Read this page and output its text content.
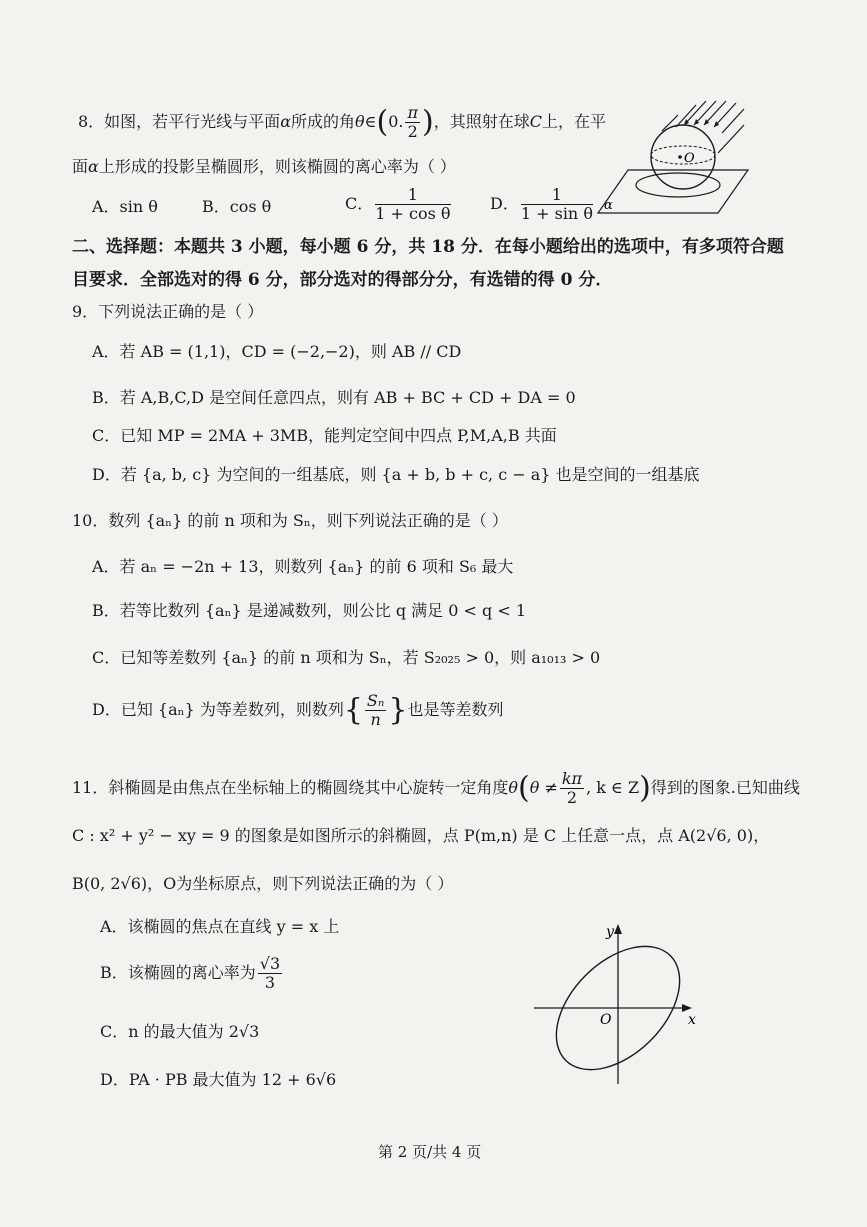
8．如图，若平行光线与平面α所成的角θ∈(0. $\frac{\pi}{2}$ )，其照射在球C上，在平
面α上形成的投影呈椭圆形，则该椭圆的离心率为（ ）
A．sin θ	B．cos θ	C． $\frac{1}{\text{1 + cos θ}}$ D． $\frac{1}{\text{1 + sin θ}}$
O
α
二、选择题：本题共 3 小题，每小题 6 分，共 18 分．在每小题给出的选项中，有多项符合题
目要求．全部选对的得 6 分，部分选对的得部分分，有选错的得 0 分．
9．下列说法正确的是（ ）
A．若 AB = (1,1)，CD = (−2,−2)，则 AB // CD
B．若 A,B,C,D 是空间任意四点，则有 AB + BC + CD + DA = 0
C．已知 MP = 2MA + 3MB，能判定空间中四点 P,M,A,B 共面
D．若 {a, b, c} 为空间的一组基底，则 {a + b, b + c, c − a} 也是空间的一组基底
10．数列 {aₙ} 的前 n 项和为 Sₙ，则下列说法正确的是（ ）
A．若 aₙ = −2n + 13，则数列 {aₙ} 的前 6 项和 S₆ 最大
B．若等比数列 {aₙ} 是递减数列，则公比 q 满足 0 < q < 1
C．已知等差数列 {aₙ} 的前 n 项和为 Sₙ，若 S₂₀₂₅ > 0，则 a₁₀₁₃ > 0
D．已知 {aₙ} 为等差数列，则数列{ $\frac{\text{Sₙ}}{n}$ }也是等差数列
11．斜椭圆是由焦点在坐标轴上的椭圆绕其中心旋转一定角度$\theta(\theta \ne \frac{k\pi}{2}$ , k ∈ Z)得到的图象.已知曲线
C : x² + y² − xy = 9 的图象是如图所示的斜椭圆，点 P(m,n) 是 C 上任意一点，点 A(2√6, 0)，
B(0, 2√6)，O为坐标原点，则下列说法正确的为（ ）
A．该椭圆的焦点在直线 y = x 上
B．该椭圆的离心率为 $\frac{√3}{3}$
C．n 的最大值为 2√3
D．PA · PB 最大值为 12 + 6√6
y
x
O
第 2 页/共 4 页
